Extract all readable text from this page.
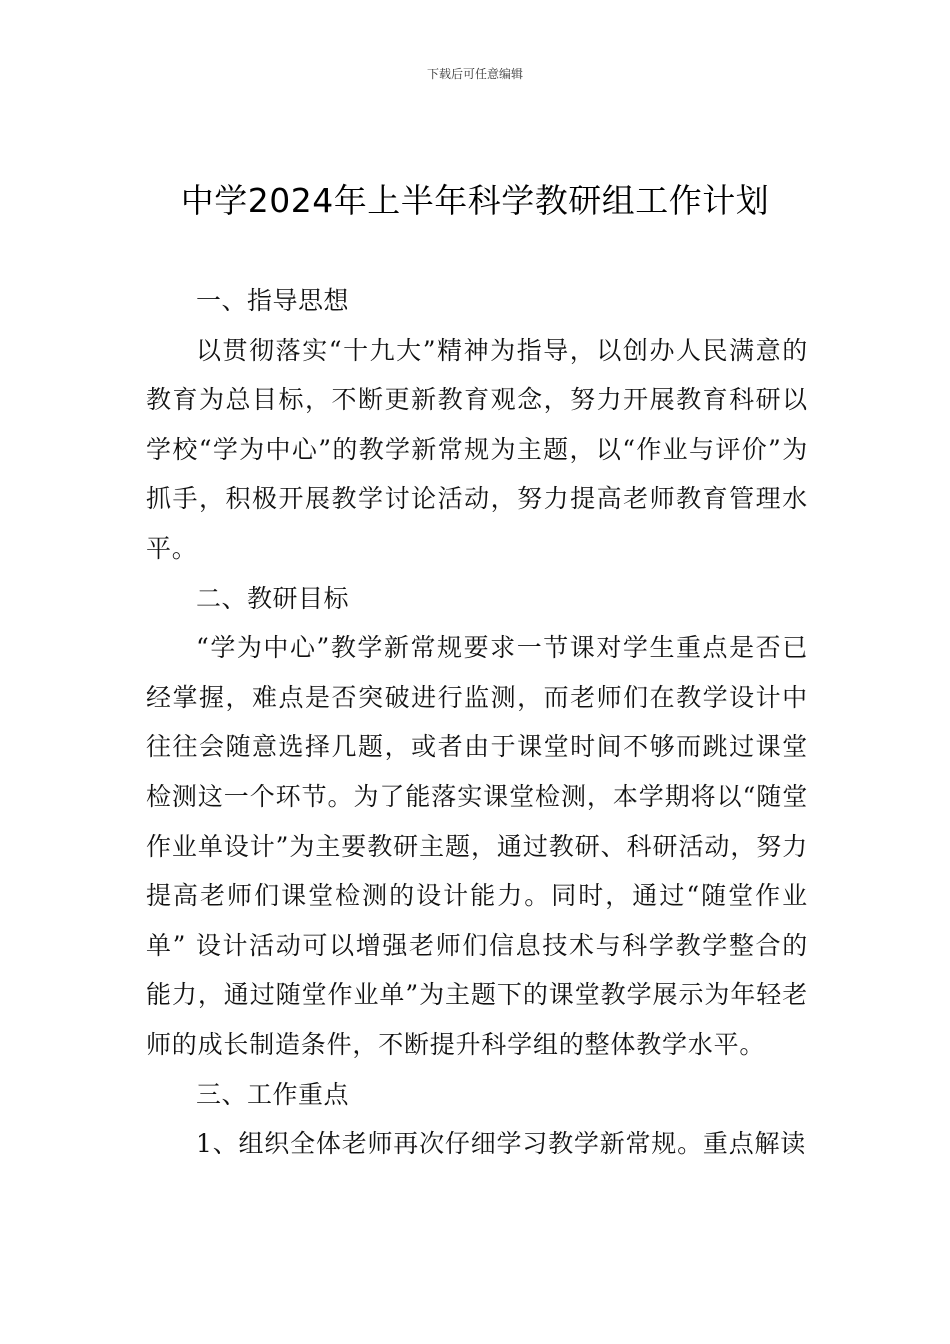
下载后可任意编辑
中学2024年上半年科学教研组工作计划

一、指导思想

以贯彻落实“十九大”精神为指导，以创办人民满意的教育为总目标，不断更新教育观念，努力开展教育科研以学校“学为中心”的教学新常规为主题，以“作业与评价”为抓手，积极开展教学讨论活动，努力提高老师教育管理水平。

二、教研目标

“学为中心”教学新常规要求一节课对学生重点是否已经掌握，难点是否突破进行监测，而老师们在教学设计中往往会随意选择几题，或者由于课堂时间不够而跳过课堂检测这一个环节。为了能落实课堂检测，本学期将以“随堂作业单设计”为主要教研主题，通过教研、科研活动，努力提高老师们课堂检测的设计能力。同时，通过“随堂作业单” 设计活动可以增强老师们信息技术与科学教学整合的能力，通过随堂作业单”为主题下的课堂教学展示为年轻老师的成长制造条件，不断提升科学组的整体教学水平。

三、工作重点

1、组织全体老师再次仔细学习教学新常规。重点解读
